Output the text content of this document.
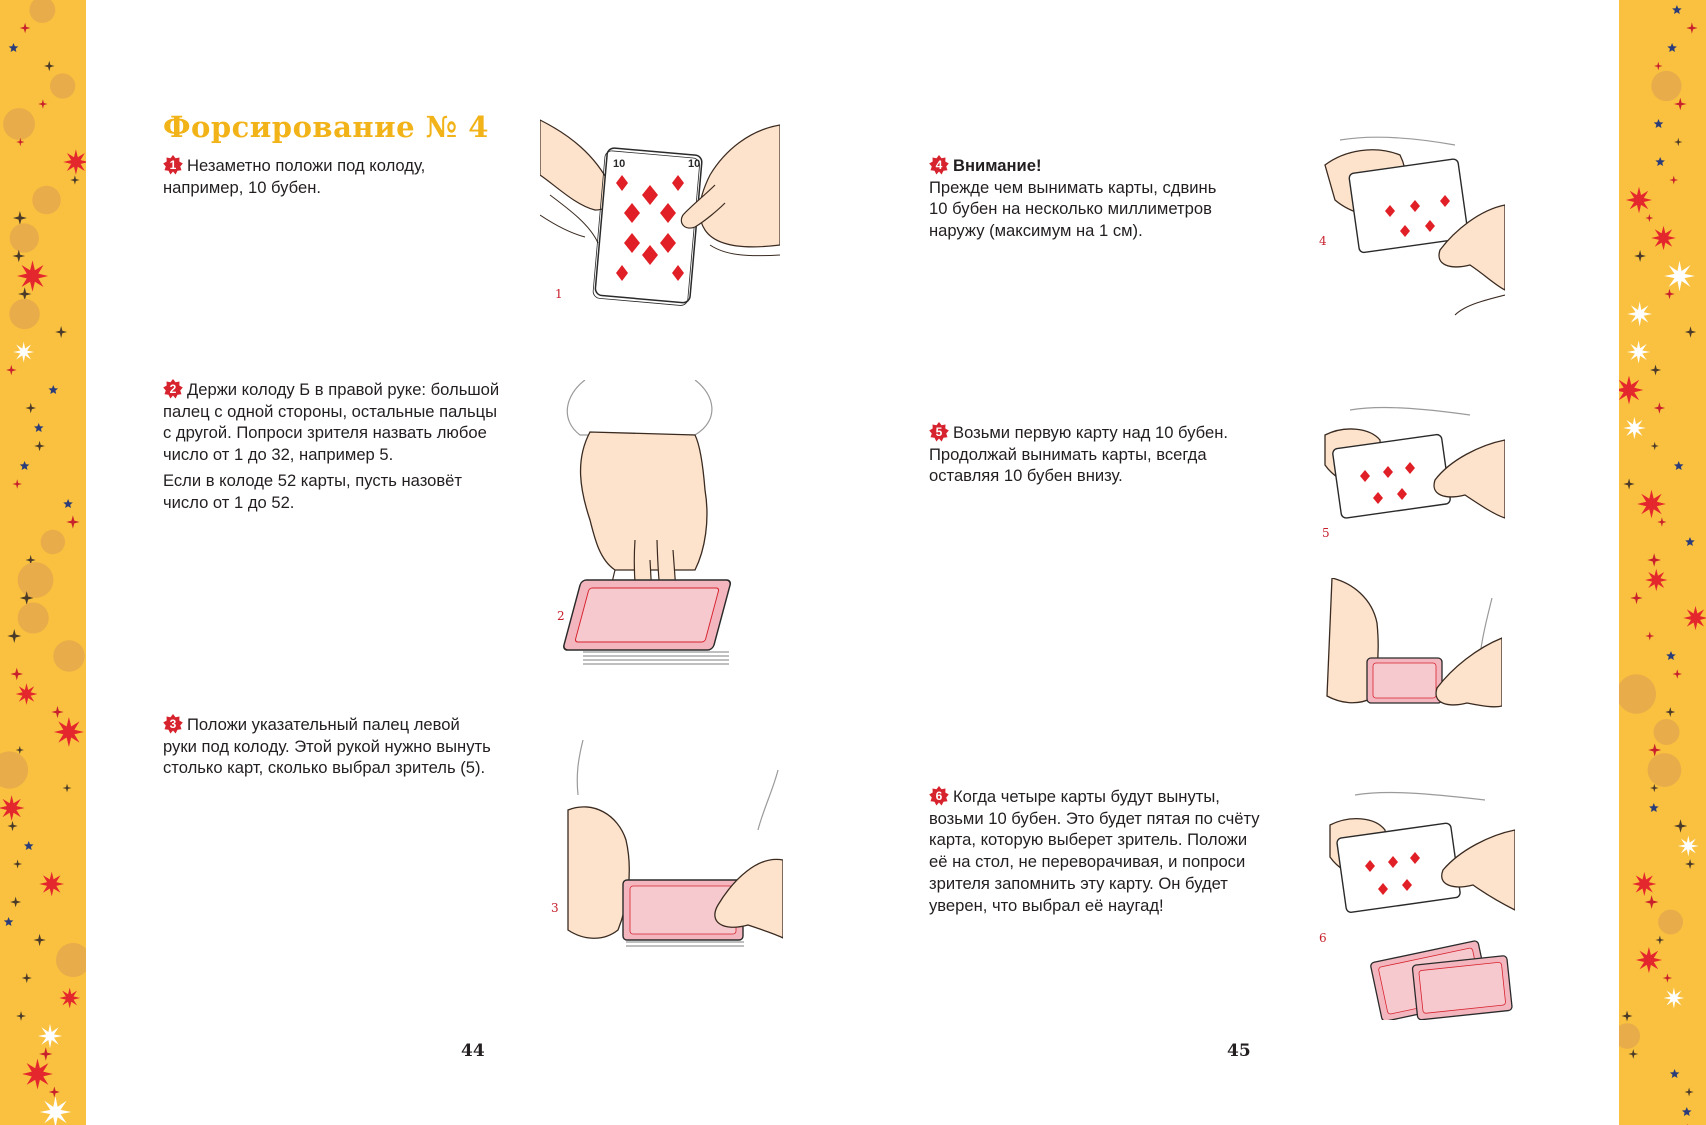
Форсирование № 4

1 Незаметно положи под колоду,

например, 10 бубен.

2 Держи колоду Б в правой руке: большой
палец с одной стороны, остальные пальцы
с другой. Попроси зрителя назвать любое
число от 1 до 32, например 5.

Если в колоде 52 карты, пусть назовёт
число от 1 до 52.

3 Положи указательный палец левой
руки под колоду. Этой рукой нужно вынуть
столько карт, сколько выбрал зритель (5).

4 Внимание!
Прежде чем вынимать карты, сдвинь
10 бубен на несколько миллиметров
наружу (максимум на 1 см).

5 Возьми первую карту над 10 бубен.
Продолжай вынимать карты, всегда
оставляя 10 бубен внизу.

6 Когда четыре карты будут вынуты,
возьми 10 бубен. Это будет пятая по счёту
карта, которую выберет зритель. Положи
её на стол, не переворачивая, и попроси
зрителя запомнить эту карту. Он будет
уверен, что выбрал её наугад!

10	10
1
2
3
4
5
6
44	45
